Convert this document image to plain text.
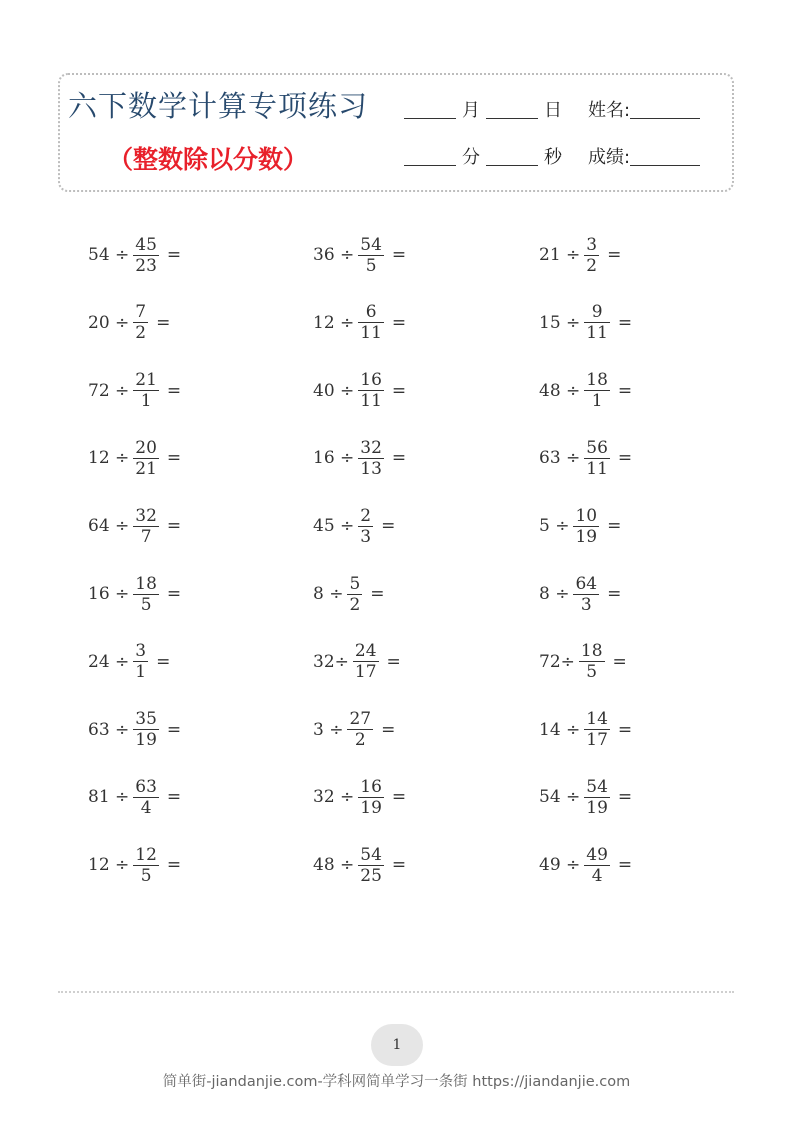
六下数学计算专项练习
（整数除以分数）
月	日 姓名:
分	秒 成绩:
$54 \div \frac{45}{23}$ =	$36 \div \frac{54}{5}$ =	$21 \div \frac{3}{2}$ =
$20 \div \frac{7}{2}$ =	$12 \div \frac{6}{11}$ =	$15 \div \frac{9}{11}$ =
$72 \div \frac{21}{1}$ =	$40 \div \frac{16}{11}$ =	$48 \div \frac{18}{1}$ =
$12 \div \frac{20}{21}$ =	$16 \div \frac{32}{13}$ =	$63 \div \frac{56}{11}$ =
$64 \div \frac{32}{7}$ =	$45 \div \frac{2}{3}$ =	$5 \div \frac{10}{19}$ =
$16 \div \frac{18}{5}$ =	$8 \div \frac{5}{2}$ =	$8 \div \frac{64}{3}$ =
$24 \div \frac{3}{1}$ =	$32\div \frac{24}{17}$ =	$72\div \frac{18}{5}$ =
$63 \div \frac{35}{19}$ =	$3 \div \frac{27}{2}$ =	$14 \div \frac{14}{17}$ =
$81 \div \frac{63}{4}$ =	$32 \div \frac{16}{19}$ =	$54 \div \frac{54}{19}$ =
$12 \div \frac{12}{5}$ =	$48 \div \frac{54}{25}$ =	$49 \div \frac{49}{4}$ =
1
简单街-jiandanjie.com-学科网简单学习一条街 https://jiandanjie.com
